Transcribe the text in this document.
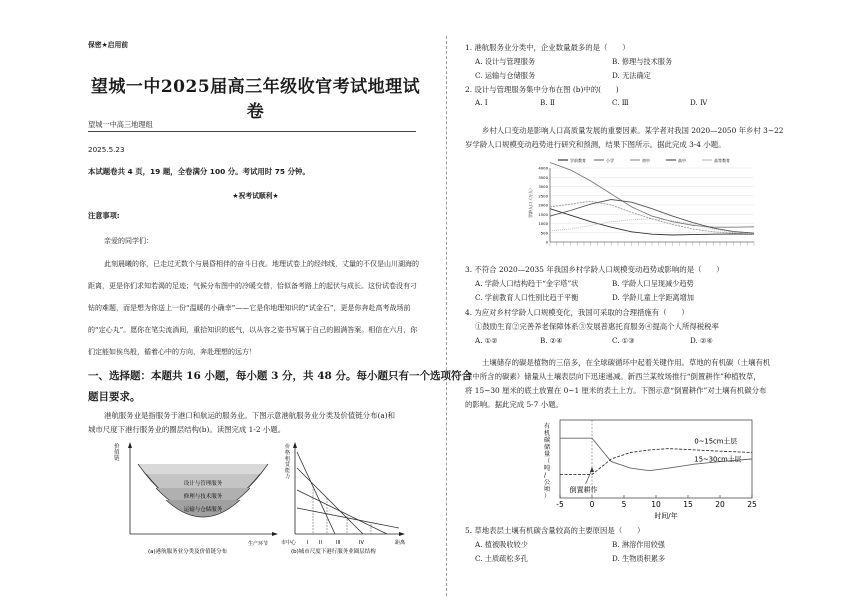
保密★启用前
望城一中2025届高三年级收官考试地理试卷
望城一中高三地理组
2025.5.23
本试题卷共 4 页，19 题，全卷满分 100 分。考试用时 75 分钟。
★祝考试顺利★
注意事项:
亲爱的同学们：
此刻晨曦的你，已走过无数个与晨昏相伴的奋斗日夜。地理试卷上的经纬线，丈量的不仅是山川湖海的
距离，更是你们求知若渴的足迹；气候分布图中的冷暖交替，恰似备考路上的起伏与成长。这份试卷没有刁
钻的难题，而是想为你送上一份“温暖的小确幸”——它是你地理知识的“试金石”，更是你奔赴高考战场前
的“定心丸”。愿你在笔尖流淌间，重拾知识的底气，以从容之姿书写属于自己的圆满答案。相信在六月，你
们定能如俟鸟般，循着心中的方向，奔赴理想的远方！
一、选择题：本题共 16 小题，每小题 3 分，共 48 分。每小题只有一个选项符合
题目要求。
港航服务业是指服务于港口和航运的服务业。下图示意港航服务业分类及价值链分布(a)和
城市尺度下港行服务业的圈层结构(b)。读图完成 1-2 小题。
价值链
设计与管理服务
修理与技术服务
运输与仓储服务
生产环节
(a)港航服务业分类及价值链分布
价格租赁能力
市中心 I II	III	IV	距离
(b)城市尺度下港行服务业圈层结构
1. 港航服务业分类中，企业数量最多的是（　　）
A. 设计与管理服务	B. 修理与技术服务
C. 运输与仓储服务	D. 无法确定
2. 设计与管理服务集中分布在图 (b)中的(　　)
A. Ⅰ	B. Ⅱ	C. Ⅲ	D. Ⅳ
乡村人口变动是影响人口高质量发展的重要因素。某学者对我国 2020—2050 年乡村 3~22
岁学龄人口规模变动趋势进行研究和预测，结果下图所示。据此完成 3-4 小题。
学龄人口（万人）
学前教育	小学	初中	高中	高等教育
4000
3500
3000
2500
2000
1500
1000
500
0
3. 不符合 2020—2035 年我国乡村学龄人口规模变动趋势或影响的是（　　）
A. 学龄人口结构趋于“金字塔”状	B. 学龄人口呈现减少趋势
C. 学前教育人口性别比趋于平衡	D. 学龄儿童上学距离增加
4. 为应对乡村学龄人口规模变化，我国可采取的合理措施有（　　）
①鼓励生育②完善养老保障体系③发展普惠托育服务④提高个人所得税税率
A. ①②	B. ②④	C. ①③	D. ②④
土壤储存的碳是植物的三倍多，在全球碳循环中起着关键作用。草地的有机碳（土壤有机
质中所含的碳素）储量从土壤表层向下迅速递减。新西兰某牧场推行“倒置耕作”种植牧草，
将 15~30 厘米的底土放置在 0~1 厘米的表土上方。下图示意“倒置耕作”对土壤有机碳分布
的影响。据此完成 5-7 小题。
-5	0	5	10	15	20	25
时间/年
有机碳储量（吨/公顷）
倒置耕作
0~15cm土层
15~30cm土层
5. 草地表层土壤有机碳含量较高的主要原因是（　　）
A. 植被吸收较少	B. 淋溶作用较强
C. 土质疏松多孔	D. 生物质积累多
